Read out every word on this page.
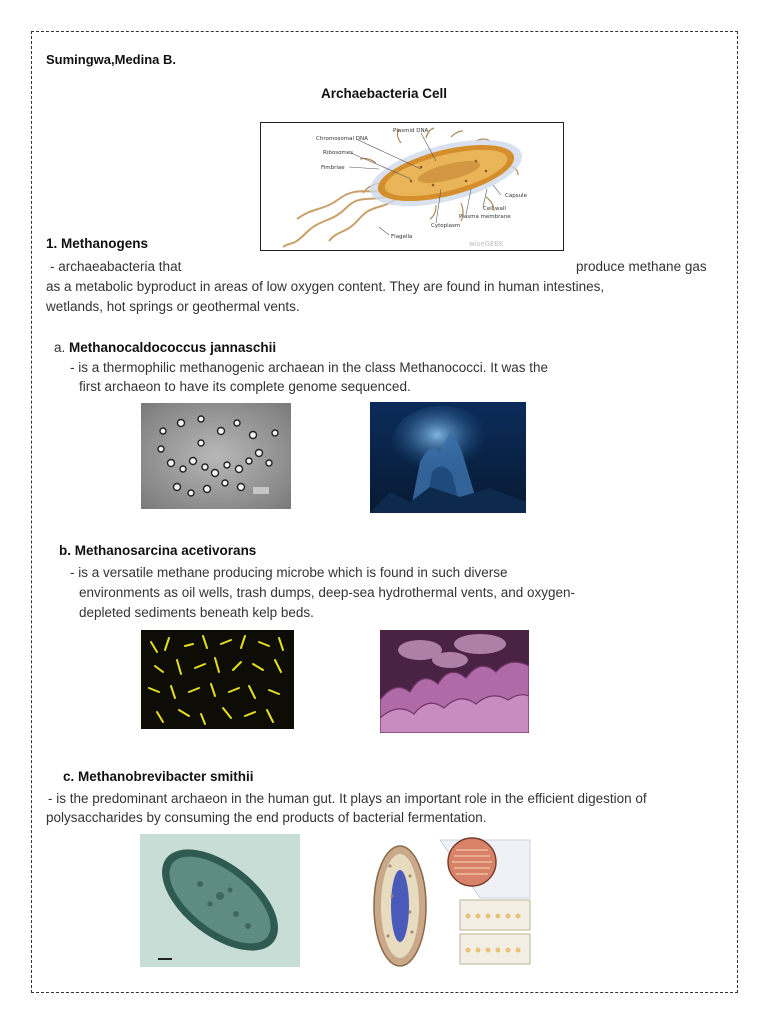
Sumingwa,Medina B.
Archaebacteria Cell
Plasmid DNA
Chromosomal DNA
Ribosomes
Fimbriae
Capsule
Cell wall
Plasma membrane
Cytoplasm
Flagella
wiseGEEK
1. Methanogens
- archaeabacteria that	produce methane gas
as a metabolic byproduct in areas of low oxygen content. They are found in human intestines,
wetlands, hot springs or geothermal vents.
a. Methanocaldococcus jannaschii
- is a thermophilic methanogenic archaean in the class Methanococci. It was the
first archaeon to have its complete genome sequenced.
b. Methanosarcina acetivorans
- is a versatile methane producing microbe which is found in such diverse
environments as oil wells, trash dumps, deep-sea hydrothermal vents, and oxygen-
depleted sediments beneath kelp beds.
c. Methanobrevibacter smithii
- is the predominant archaeon in the human gut. It plays an important role in the efficient digestion of
polysaccharides by consuming the end products of bacterial fermentation.
